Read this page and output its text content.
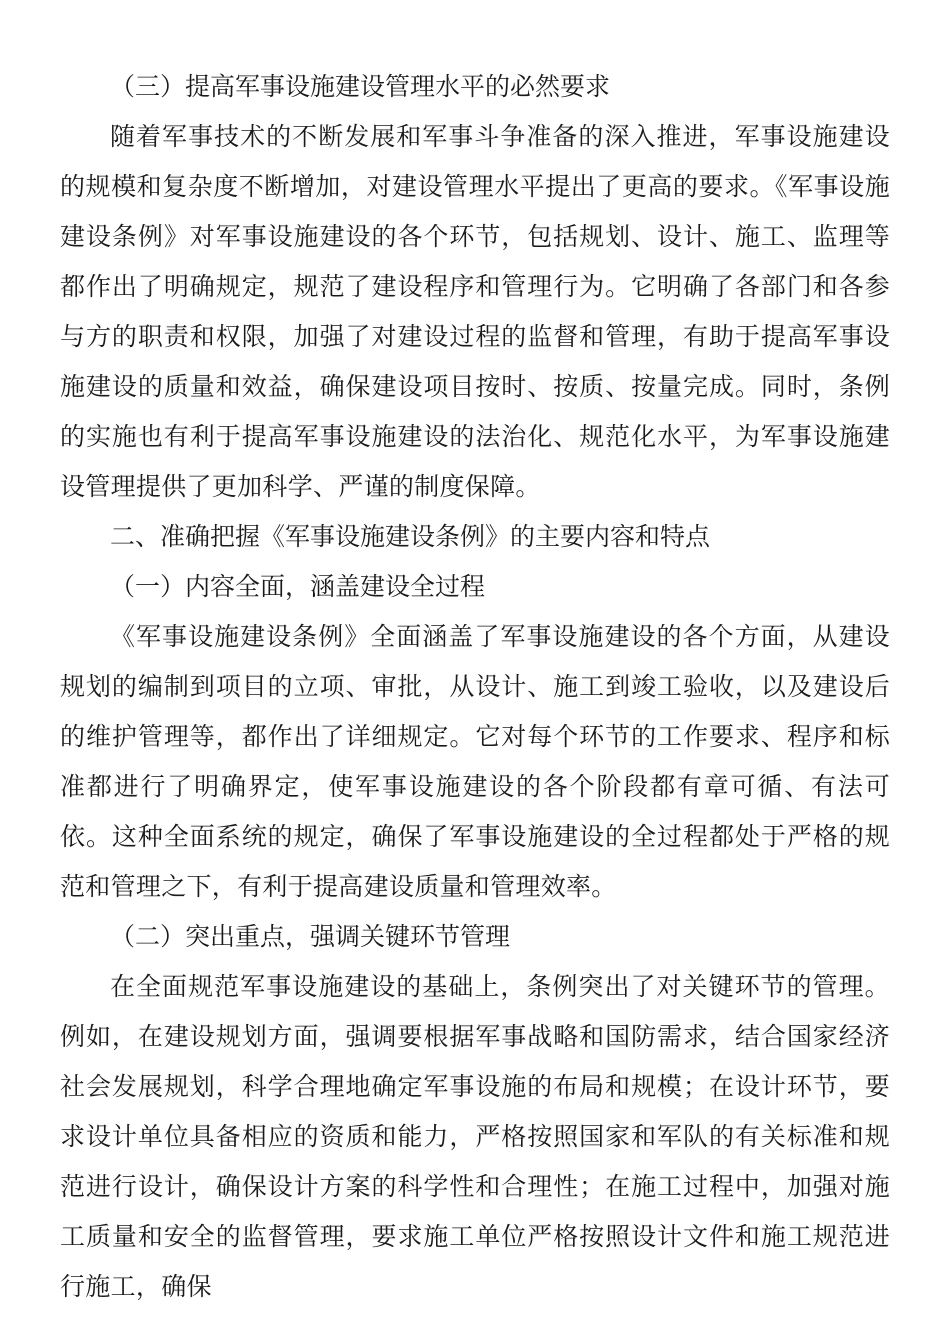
（三）提高军事设施建设管理水平的必然要求

随着军事技术的不断发展和军事斗争准备的深入推进，军事设施建设的规模和复杂度不断增加，对建设管理水平提出了更高的要求。《军事设施建设条例》对军事设施建设的各个环节，包括规划、设计、施工、监理等都作出了明确规定，规范了建设程序和管理行为。它明确了各部门和各参与方的职责和权限，加强了对建设过程的监督和管理，有助于提高军事设施建设的质量和效益，确保建设项目按时、按质、按量完成。同时，条例的实施也有利于提高军事设施建设的法治化、规范化水平，为军事设施建设管理提供了更加科学、严谨的制度保障。

二、准确把握《军事设施建设条例》的主要内容和特点

（一）内容全面，涵盖建设全过程

《军事设施建设条例》全面涵盖了军事设施建设的各个方面，从建设规划的编制到项目的立项、审批，从设计、施工到竣工验收，以及建设后的维护管理等，都作出了详细规定。它对每个环节的工作要求、程序和标准都进行了明确界定，使军事设施建设的各个阶段都有章可循、有法可依。这种全面系统的规定，确保了军事设施建设的全过程都处于严格的规范和管理之下，有利于提高建设质量和管理效率。

（二）突出重点，强调关键环节管理

在全面规范军事设施建设的基础上，条例突出了对关键环节的管理。例如，在建设规划方面，强调要根据军事战略和国防需求，结合国家经济社会发展规划，科学合理地确定军事设施的布局和规模；在设计环节，要求设计单位具备相应的资质和能力，严格按照国家和军队的有关标准和规范进行设计，确保设计方案的科学性和合理性；在施工过程中，加强对施工质量和安全的监督管理，要求施工单位严格按照设计文件和施工规范进行施工，确保
